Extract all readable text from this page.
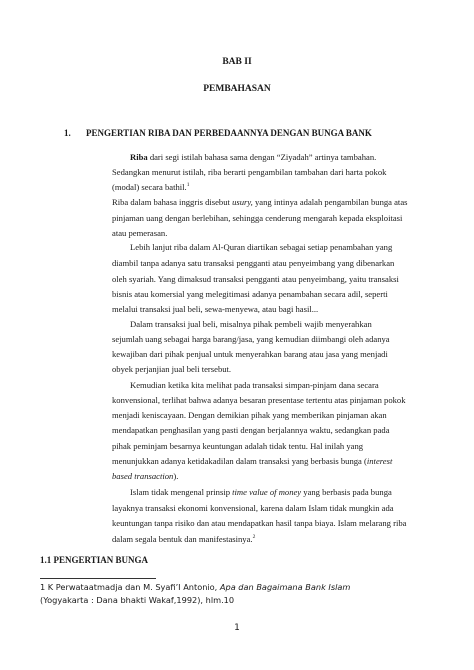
BAB II
PEMBAHASAN
1. PENGERTIAN RIBA DAN PERBEDAANNYA DENGAN BUNGA BANK
Riba dari segi istilah bahasa sama dengan “Ziyadah” artinya tambahan.
Sedangkan menurut istilah, riba berarti pengambilan tambahan dari harta pokok
(modal) secara bathil.$^1$
Riba dalam bahasa inggris disebut usury, yang intinya adalah pengambilan bunga atas
pinjaman uang dengan berlebihan, sehingga cenderung mengarah kepada eksploitasi
atau pemerasan.
Lebih lanjut riba dalam Al-Quran diartikan sebagai setiap penambahan yang
diambil tanpa adanya satu transaksi pengganti atau penyeimbang yang dibenarkan
oleh syariah. Yang dimaksud transaksi pengganti atau penyeimbang, yaitu transaksi
bisnis atau komersial yang melegitimasi adanya penambahan secara adil, seperti
melalui transaksi jual beli, sewa-menyewa, atau bagi hasil...
Dalam transaksi jual beli, misalnya pihak pembeli wajib menyerahkan
sejumlah uang sebagai harga barang/jasa, yang kemudian diimbangi oleh adanya
kewajiban dari pihak penjual untuk menyerahkan barang atau jasa yang menjadi
obyek perjanjian jual beli tersebut.
Kemudian ketika kita melihat pada transaksi simpan-pinjam dana secara
konvensional, terlihat bahwa adanya besaran presentase tertentu atas pinjaman pokok
menjadi keniscayaan. Dengan demikian pihak yang memberikan pinjaman akan
mendapatkan penghasilan yang pasti dengan berjalannya waktu, sedangkan pada
pihak peminjam besarnya keuntungan adalah tidak tentu. Hal inilah yang
menunjukkan adanya ketidakadilan dalam transaksi yang berbasis bunga (interest
based transaction).
Islam tidak mengenal prinsip time value of money yang berbasis pada bunga
layaknya transaksi ekonomi konvensional, karena dalam Islam tidak mungkin ada
keuntungan tanpa risiko dan atau mendapatkan hasil tanpa biaya. Islam melarang riba
dalam segala bentuk dan manifestasinya.$^2$
1.1 PENGERTIAN BUNGA
1 K Perwataatmadja dan M. Syafi’I Antonio, Apa dan Bagaimana Bank Islam
(Yogyakarta : Dana bhakti Wakaf,1992), hlm.10
1
